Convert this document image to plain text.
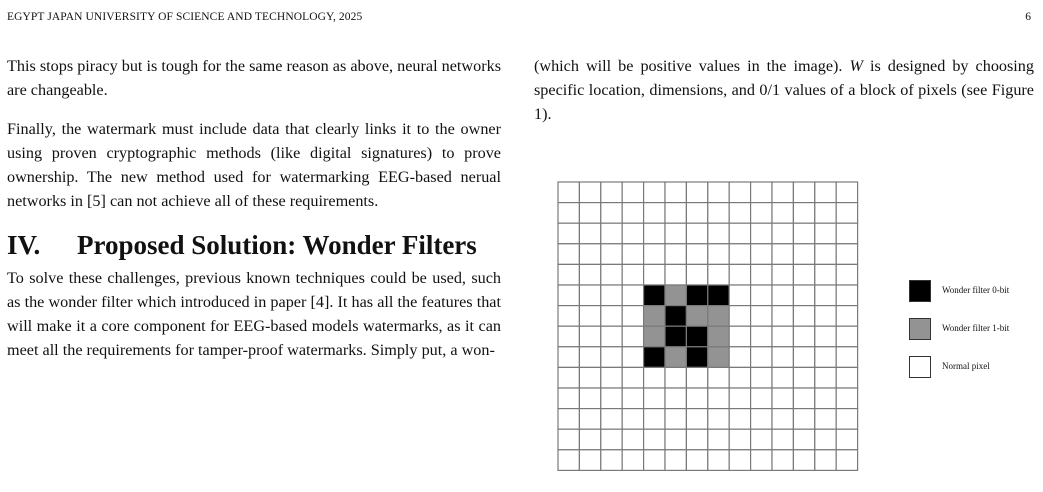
EGYPT JAPAN UNIVERSITY OF SCIENCE AND TECHNOLOGY, 2025	6

This stops piracy but is tough for the same reason as above, neural networks are changeable.

Finally, the watermark must include data that clearly links it to the owner using proven cryptographic methods (like digital signatures) to prove ownership. The new method used for watermarking EEG-based nerual networks in [5] can not achieve all of these requirements.

IV. Proposed Solution: Wonder Filters

To solve these challenges, previous known techniques could be used, such as the wonder filter which introduced in paper [4]. It has all the features that will make it a core component for EEG-based models watermarks, as it can meet all the requirements for tamper-proof watermarks. Simply put, a won-

(which will be positive values in the image). W is designed by choosing specific location, dimensions, and 0/1 values of a block of pixels (see Figure 1).

Wonder filter 0-bit
Wonder filter 1-bit
Normal pixel
